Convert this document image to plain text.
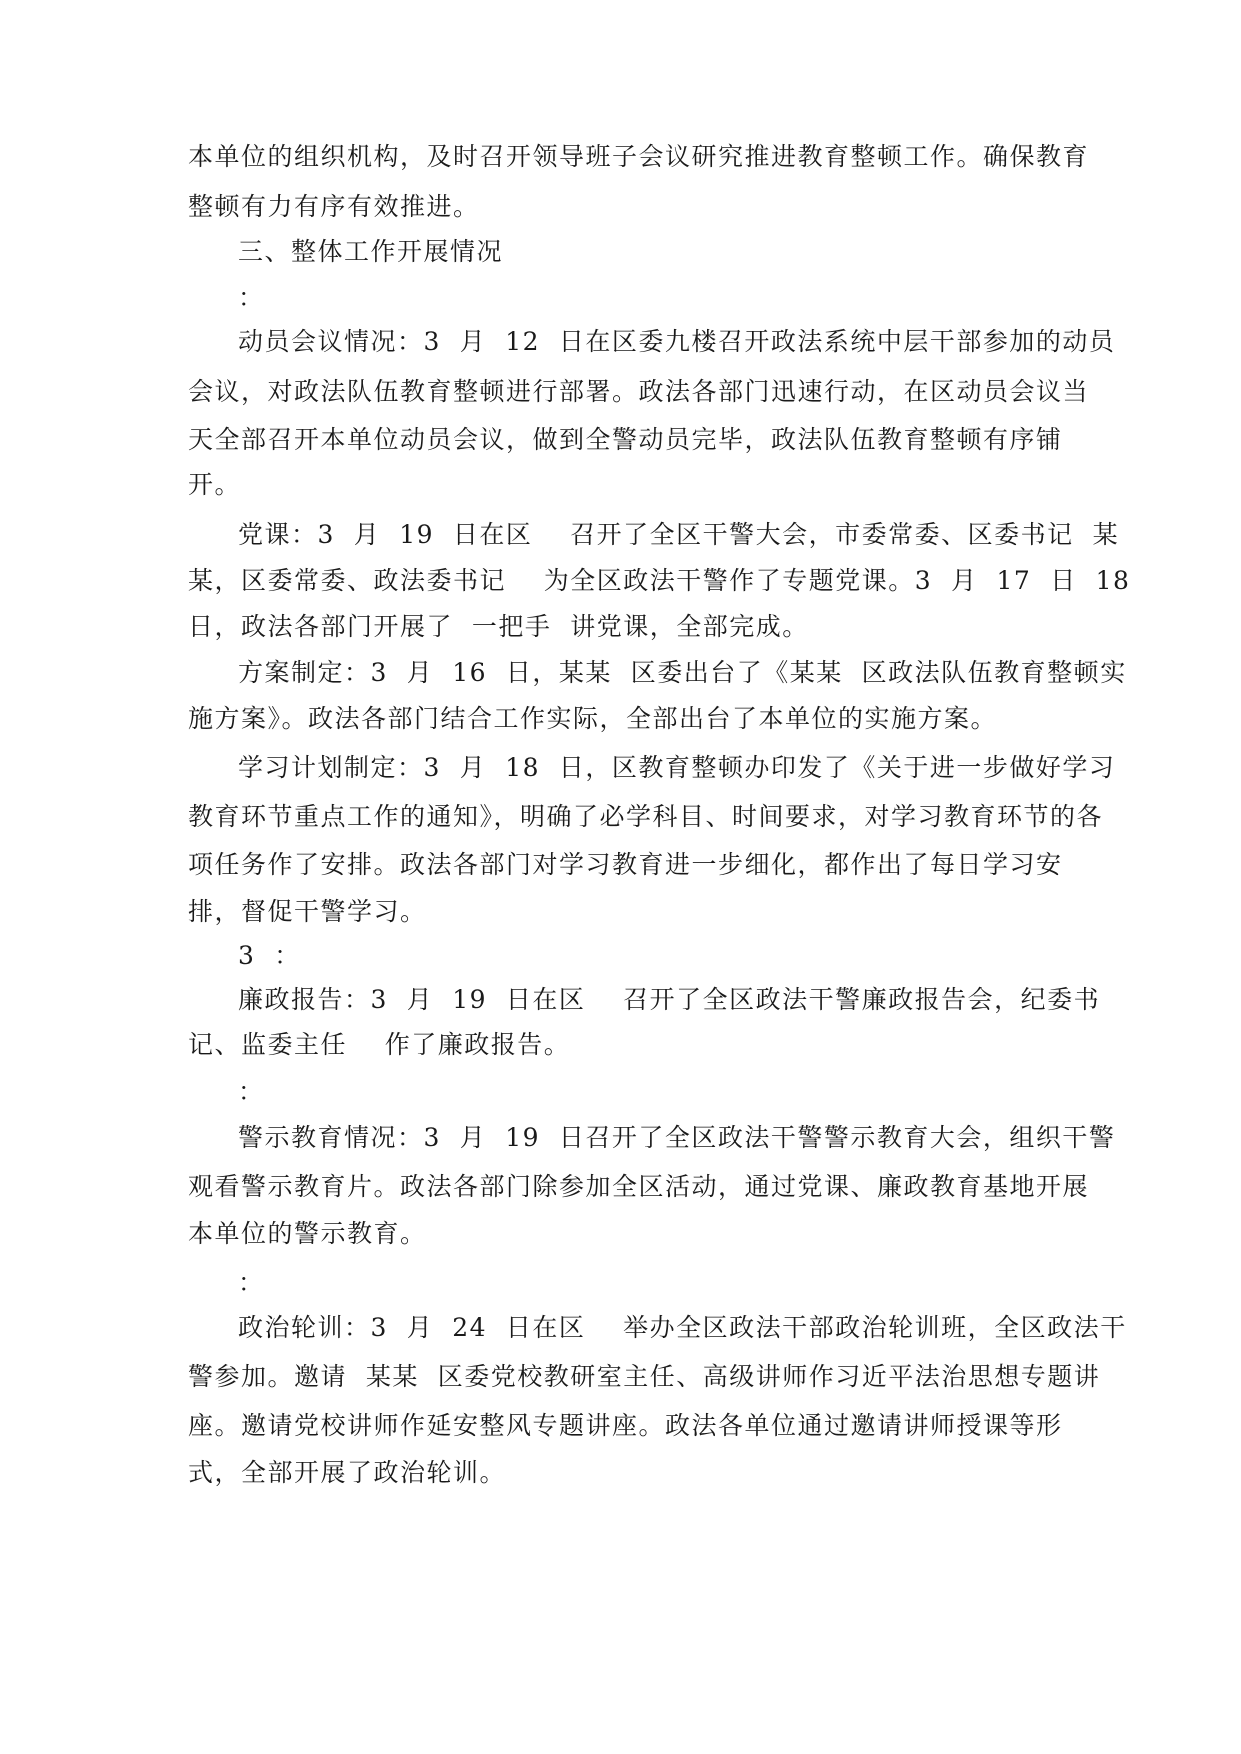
本单位的组织机构，及时召开领导班子会议研究推进教育整顿工作。确保教育
整顿有力有序有效推进。
三、整体工作开展情况
：
动员会议情况：3  月  12  日在区委九楼召开政法系统中层干部参加的动员
会议，对政法队伍教育整顿进行部署。政法各部门迅速行动，在区动员会议当
天全部召开本单位动员会议，做到全警动员完毕，政法队伍教育整顿有序铺
开。
党课：3  月  19  日在区    召开了全区干警大会，市委常委、区委书记  某
某，区委常委、政法委书记    为全区政法干警作了专题党课。3  月  17  日  18
日，政法各部门开展了  一把手  讲党课，全部完成。
方案制定：3  月  16  日，某某  区委出台了《某某  区政法队伍教育整顿实
施方案》。政法各部门结合工作实际，全部出台了本单位的实施方案。
学习计划制定：3  月  18  日，区教育整顿办印发了《关于进一步做好学习
教育环节重点工作的通知》，明确了必学科目、时间要求，对学习教育环节的各
项任务作了安排。政法各部门对学习教育进一步细化，都作出了每日学习安
排，督促干警学习。
3  ：
廉政报告：3  月  19  日在区    召开了全区政法干警廉政报告会，纪委书
记、监委主任    作了廉政报告。
：
警示教育情况：3  月  19  日召开了全区政法干警警示教育大会，组织干警
观看警示教育片。政法各部门除参加全区活动，通过党课、廉政教育基地开展
本单位的警示教育。
：
政治轮训：3  月  24  日在区    举办全区政法干部政治轮训班，全区政法干
警参加。邀请  某某  区委党校教研室主任、高级讲师作习近平法治思想专题讲
座。邀请党校讲师作延安整风专题讲座。政法各单位通过邀请讲师授课等形
式，全部开展了政治轮训。
